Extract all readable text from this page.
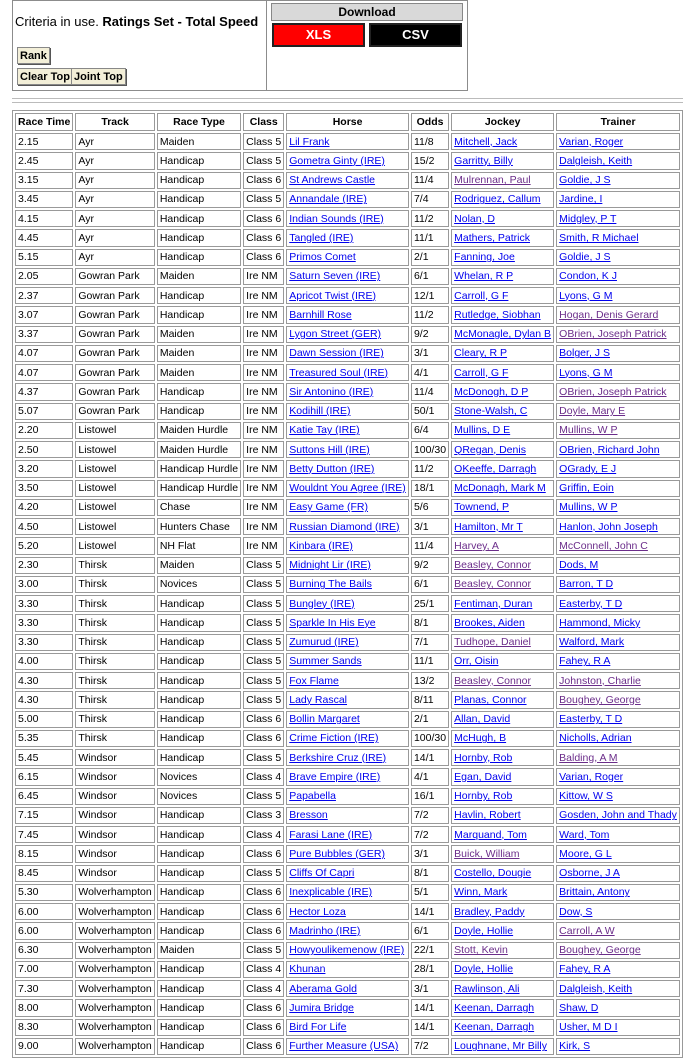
Criteria in use. Ratings Set - Total Speed
Rank
Clear Top Joint Top
Download
XLS	CSV
Race Time	Track	Race Type	Class	Horse	Odds	Jockey	Trainer
2.15	Ayr	Maiden	Class 5	Lil Frank	11/8	Mitchell, Jack	Varian, Roger
2.45	Ayr	Handicap	Class 5	Gometra Ginty (IRE)	15/2	Garritty, Billy	Dalgleish, Keith
3.15	Ayr	Handicap	Class 6	St Andrews Castle	11/4	Mulrennan, Paul	Goldie, J S
3.45	Ayr	Handicap	Class 5	Annandale (IRE)	7/4	Rodriguez, Callum	Jardine, I
4.15	Ayr	Handicap	Class 6	Indian Sounds (IRE)	11/2	Nolan, D	Midgley, P T
4.45	Ayr	Handicap	Class 6	Tangled (IRE)	11/1	Mathers, Patrick	Smith, R Michael
5.15	Ayr	Handicap	Class 6	Primos Comet	2/1	Fanning, Joe	Goldie, J S
2.05	Gowran Park	Maiden	Ire NM	Saturn Seven (IRE)	6/1	Whelan, R P	Condon, K J
2.37	Gowran Park	Handicap	Ire NM	Apricot Twist (IRE)	12/1	Carroll, G F	Lyons, G M
3.07	Gowran Park	Handicap	Ire NM	Barnhill Rose	11/2	Rutledge, Siobhan	Hogan, Denis Gerard
3.37	Gowran Park	Maiden	Ire NM	Lygon Street (GER)	9/2	McMonagle, Dylan B	OBrien, Joseph Patrick
4.07	Gowran Park	Maiden	Ire NM	Dawn Session (IRE)	3/1	Cleary, R P	Bolger, J S
4.07	Gowran Park	Maiden	Ire NM	Treasured Soul (IRE)	4/1	Carroll, G F	Lyons, G M
4.37	Gowran Park	Handicap	Ire NM	Sir Antonino (IRE)	11/4	McDonogh, D P	OBrien, Joseph Patrick
5.07	Gowran Park	Handicap	Ire NM	Kodihill (IRE)	50/1	Stone-Walsh, C	Doyle, Mary E
2.20	Listowel	Maiden Hurdle	Ire NM	Katie Tay (IRE)	6/4	Mullins, D E	Mullins, W P
2.50	Listowel	Maiden Hurdle	Ire NM	Suttons Hill (IRE)	100/30	QRegan, Denis	OBrien, Richard John
3.20	Listowel	Handicap Hurdle	Ire NM	Betty Dutton (IRE)	11/2	OKeeffe, Darragh	OGrady, E J
3.50	Listowel	Handicap Hurdle	Ire NM	Wouldnt You Agree (IRE)	18/1	McDonagh, Mark M	Griffin, Eoin
4.20	Listowel	Chase	Ire NM	Easy Game (FR)	5/6	Townend, P	Mullins, W P
4.50	Listowel	Hunters Chase	Ire NM	Russian Diamond (IRE)	3/1	Hamilton, Mr T	Hanlon, John Joseph
5.20	Listowel	NH Flat	Ire NM	Kinbara (IRE)	11/4	Harvey, A	McConnell, John C
2.30	Thirsk	Maiden	Class 5	Midnight Lir (IRE)	9/2	Beasley, Connor	Dods, M
3.00	Thirsk	Novices	Class 5	Burning The Bails	6/1	Beasley, Connor	Barron, T D
3.30	Thirsk	Handicap	Class 5	Bungley (IRE)	25/1	Fentiman, Duran	Easterby, T D
3.30	Thirsk	Handicap	Class 5	Sparkle In His Eye	8/1	Brookes, Aiden	Hammond, Micky
3.30	Thirsk	Handicap	Class 5	Zumurud (IRE)	7/1	Tudhope, Daniel	Walford, Mark
4.00	Thirsk	Handicap	Class 5	Summer Sands	11/1	Orr, Oisin	Fahey, R A
4.30	Thirsk	Handicap	Class 5	Fox Flame	13/2	Beasley, Connor	Johnston, Charlie
4.30	Thirsk	Handicap	Class 5	Lady Rascal	8/11	Planas, Connor	Boughey, George
5.00	Thirsk	Handicap	Class 6	Bollin Margaret	2/1	Allan, David	Easterby, T D
5.35	Thirsk	Handicap	Class 6	Crime Fiction (IRE)	100/30	McHugh, B	Nicholls, Adrian
5.45	Windsor	Handicap	Class 5	Berkshire Cruz (IRE)	14/1	Hornby, Rob	Balding, A M
6.15	Windsor	Novices	Class 4	Brave Empire (IRE)	4/1	Egan, David	Varian, Roger
6.45	Windsor	Novices	Class 5	Papabella	16/1	Hornby, Rob	Kittow, W S
7.15	Windsor	Handicap	Class 3	Bresson	7/2	Havlin, Robert	Gosden, John and Thady
7.45	Windsor	Handicap	Class 4	Farasi Lane (IRE)	7/2	Marquand, Tom	Ward, Tom
8.15	Windsor	Handicap	Class 6	Pure Bubbles (GER)	3/1	Buick, William	Moore, G L
8.45	Windsor	Handicap	Class 5	Cliffs Of Capri	8/1	Costello, Dougie	Osborne, J A
5.30	Wolverhampton	Handicap	Class 6	Inexplicable (IRE)	5/1	Winn, Mark	Brittain, Antony
6.00	Wolverhampton	Handicap	Class 6	Hector Loza	14/1	Bradley, Paddy	Dow, S
6.00	Wolverhampton	Handicap	Class 6	Madrinho (IRE)	6/1	Doyle, Hollie	Carroll, A W
6.30	Wolverhampton	Maiden	Class 5	Howyoulikemenow (IRE)	22/1	Stott, Kevin	Boughey, George
7.00	Wolverhampton	Handicap	Class 4	Khunan	28/1	Doyle, Hollie	Fahey, R A
7.30	Wolverhampton	Handicap	Class 4	Aberama Gold	3/1	Rawlinson, Ali	Dalgleish, Keith
8.00	Wolverhampton	Handicap	Class 6	Jumira Bridge	14/1	Keenan, Darragh	Shaw, D
8.30	Wolverhampton	Handicap	Class 6	Bird For Life	14/1	Keenan, Darragh	Usher, M D I
9.00	Wolverhampton	Handicap	Class 6	Further Measure (USA)	7/2	Loughnane, Mr Billy	Kirk, S
